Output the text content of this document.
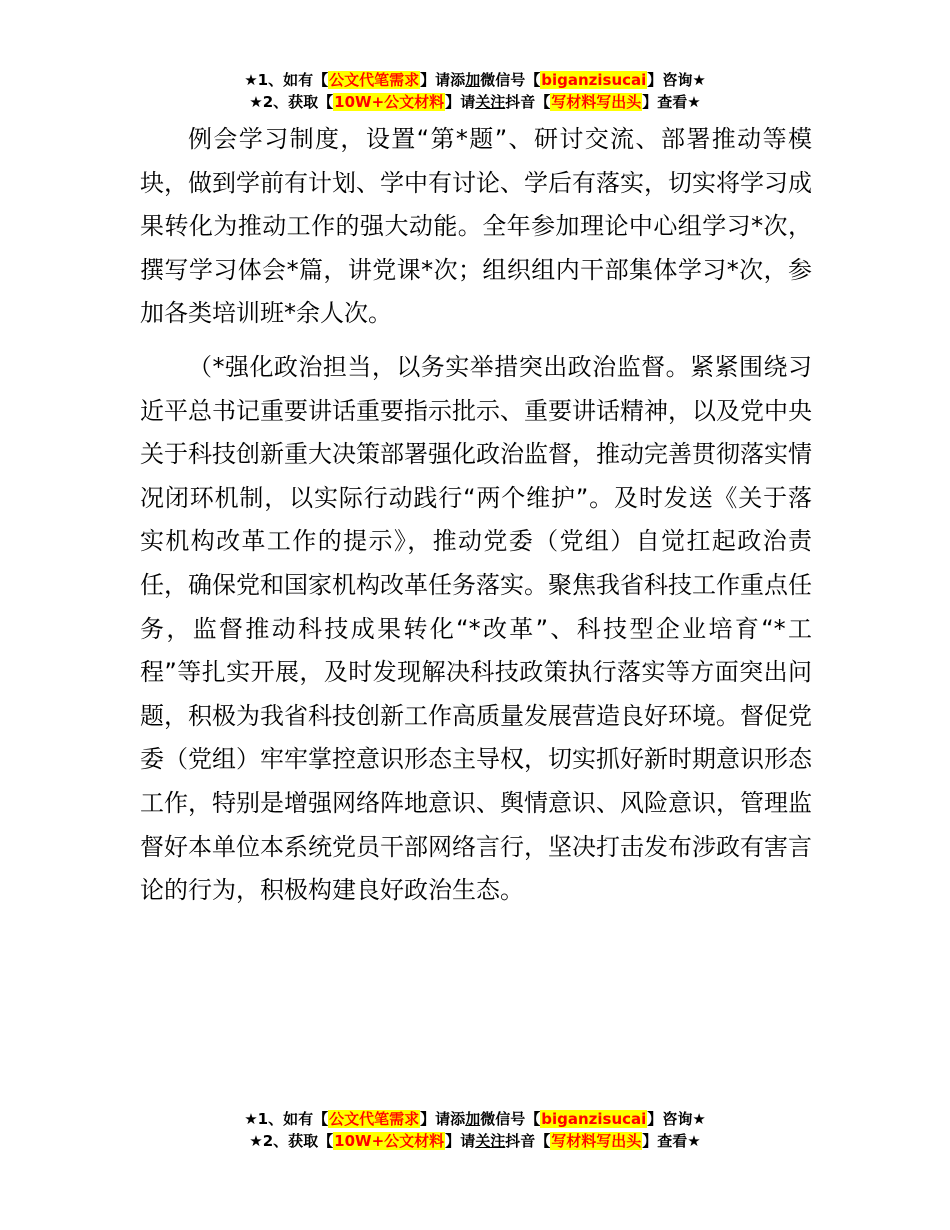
★1、如有【公文代笔需求】请添加微信号【biganzisucai】咨询★
★2、获取【10W+公文材料】请关注抖音【写材料写出头】查看★

例会学习制度，设置“第*题”、研讨交流、部署推动等模块，做到学前有计划、学中有讨论、学后有落实，切实将学习成果转化为推动工作的强大动能。全年参加理论中心组学习*次，撰写学习体会*篇，讲党课*次；组织组内干部集体学习*次，参加各类培训班*余人次。

（*强化政治担当，以务实举措突出政治监督。紧紧围绕习近平总书记重要讲话重要指示批示、重要讲话精神，以及党中央关于科技创新重大决策部署强化政治监督，推动完善贯彻落实情况闭环机制，以实际行动践行“两个维护”。及时发送《关于落实机构改革工作的提示》，推动党委（党组）自觉扛起政治责任，确保党和国家机构改革任务落实。聚焦我省科技工作重点任务，监督推动科技成果转化“*改革”、科技型企业培育“*工程”等扎实开展，及时发现解决科技政策执行落实等方面突出问题，积极为我省科技创新工作高质量发展营造良好环境。督促党委（党组）牢牢掌控意识形态主导权，切实抓好新时期意识形态工作，特别是增强网络阵地意识、舆情意识、风险意识，管理监督好本单位本系统党员干部网络言行，坚决打击发布涉政有害言论的行为，积极构建良好政治生态。

★1、如有【公文代笔需求】请添加微信号【biganzisucai】咨询★
★2、获取【10W+公文材料】请关注抖音【写材料写出头】查看★
